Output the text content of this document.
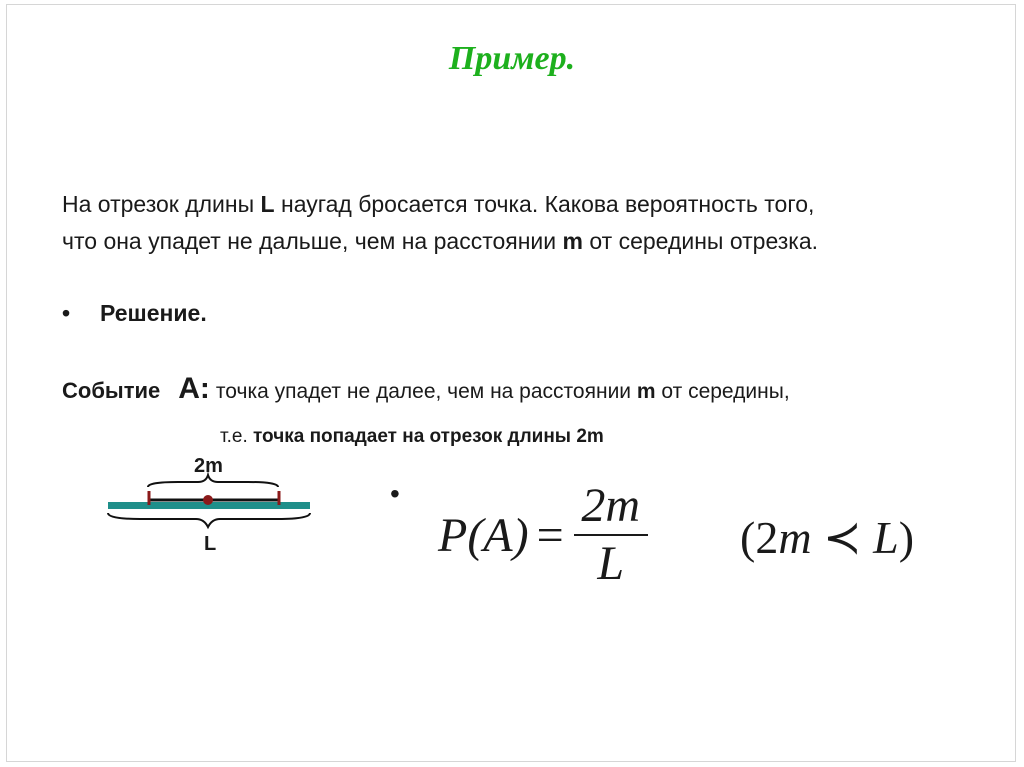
Пример.

На отрезок длины L наугад бросается точка. Какова вероятность того, что она упадет не дальше, чем на расстоянии m от середины отрезка.

• Решение.
Событие A: точка упадет не далее, чем на расстоянии m от середины,
т.е. точка попадает на отрезок длины 2m
2m
L
•
$P(A) = \frac{2m}{L} (2m$ ≺ L)
